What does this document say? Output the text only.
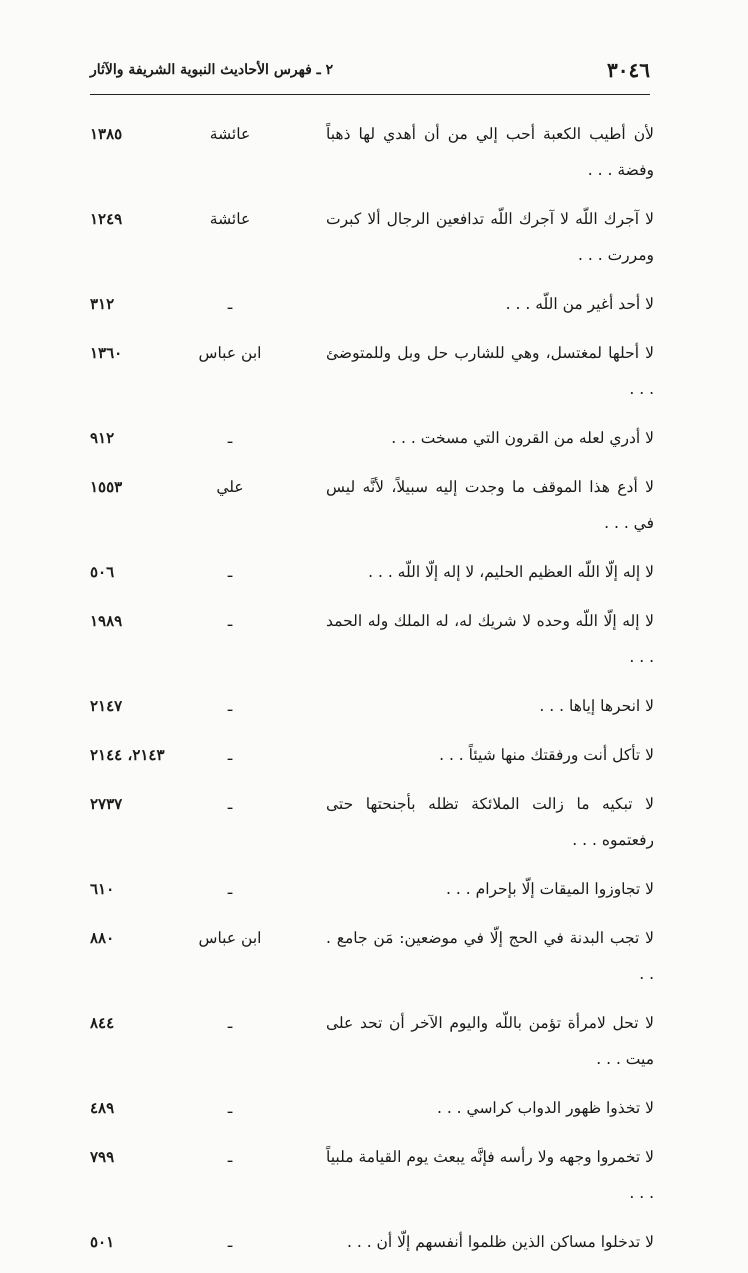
٣٠٤٦
٢ ـ فهرس الأحاديث النبوية الشريفة والآثار
لأن أطيب الكعبة أحب إلي من أن أهدي لها ذهباً وفضة . . .
عائشة
١٣٨٥
لا آجرك اللّه لا آجرك اللّه تدافعين الرجال ألا كبرت ومررت . . .
عائشة
١٢٤٩
لا أحد أغير من اللّه . . .
ـ
٣١٢
لا أحلها لمغتسل، وهي للشارب حل وبل وللمتوضئ . . .
ابن عباس
١٣٦٠
لا أدري لعله من القرون التي مسخت . . .
ـ
٩١٢
لا أدع هذا الموقف ما وجدت إليه سبيلاً، لأنَّه ليس في . . .
علي
١٥٥٣
لا إله إلّا اللّه العظيم الحليم، لا إله إلّا اللّه . . .
ـ
٥٠٦
لا إله إلّا اللّه وحده لا شريك له، له الملك وله الحمد . . .
ـ
١٩٨٩
لا انحرها إياها . . .
ـ
٢١٤٧
لا تأكل أنت ورفقتك منها شيئاً . . .
ـ
٢١٤٣، ٢١٤٤
لا تبكيه ما زالت الملائكة تظله بأجنحتها حتى رفعتموه . . .
ـ
٢٧٣٧
لا تجاوزوا الميقات إلّا بإحرام . . .
ـ
٦١٠
لا تجب البدنة في الحج إلّا في موضعين: مَن جامع . . .
ابن عباس
٨٨٠
لا تحل لامرأة تؤمن باللّه واليوم الآخر أن تحد على ميت . . .
ـ
٨٤٤
لا تخذوا ظهور الدواب كراسي . . .
ـ
٤٨٩
لا تخمروا وجهه ولا رأسه فإنَّه يبعث يوم القيامة ملبياً . . .
ـ
٧٩٩
لا تدخلوا مساكن الذين ظلموا أنفسهم إلّا أن . . .
ـ
٥٠١
